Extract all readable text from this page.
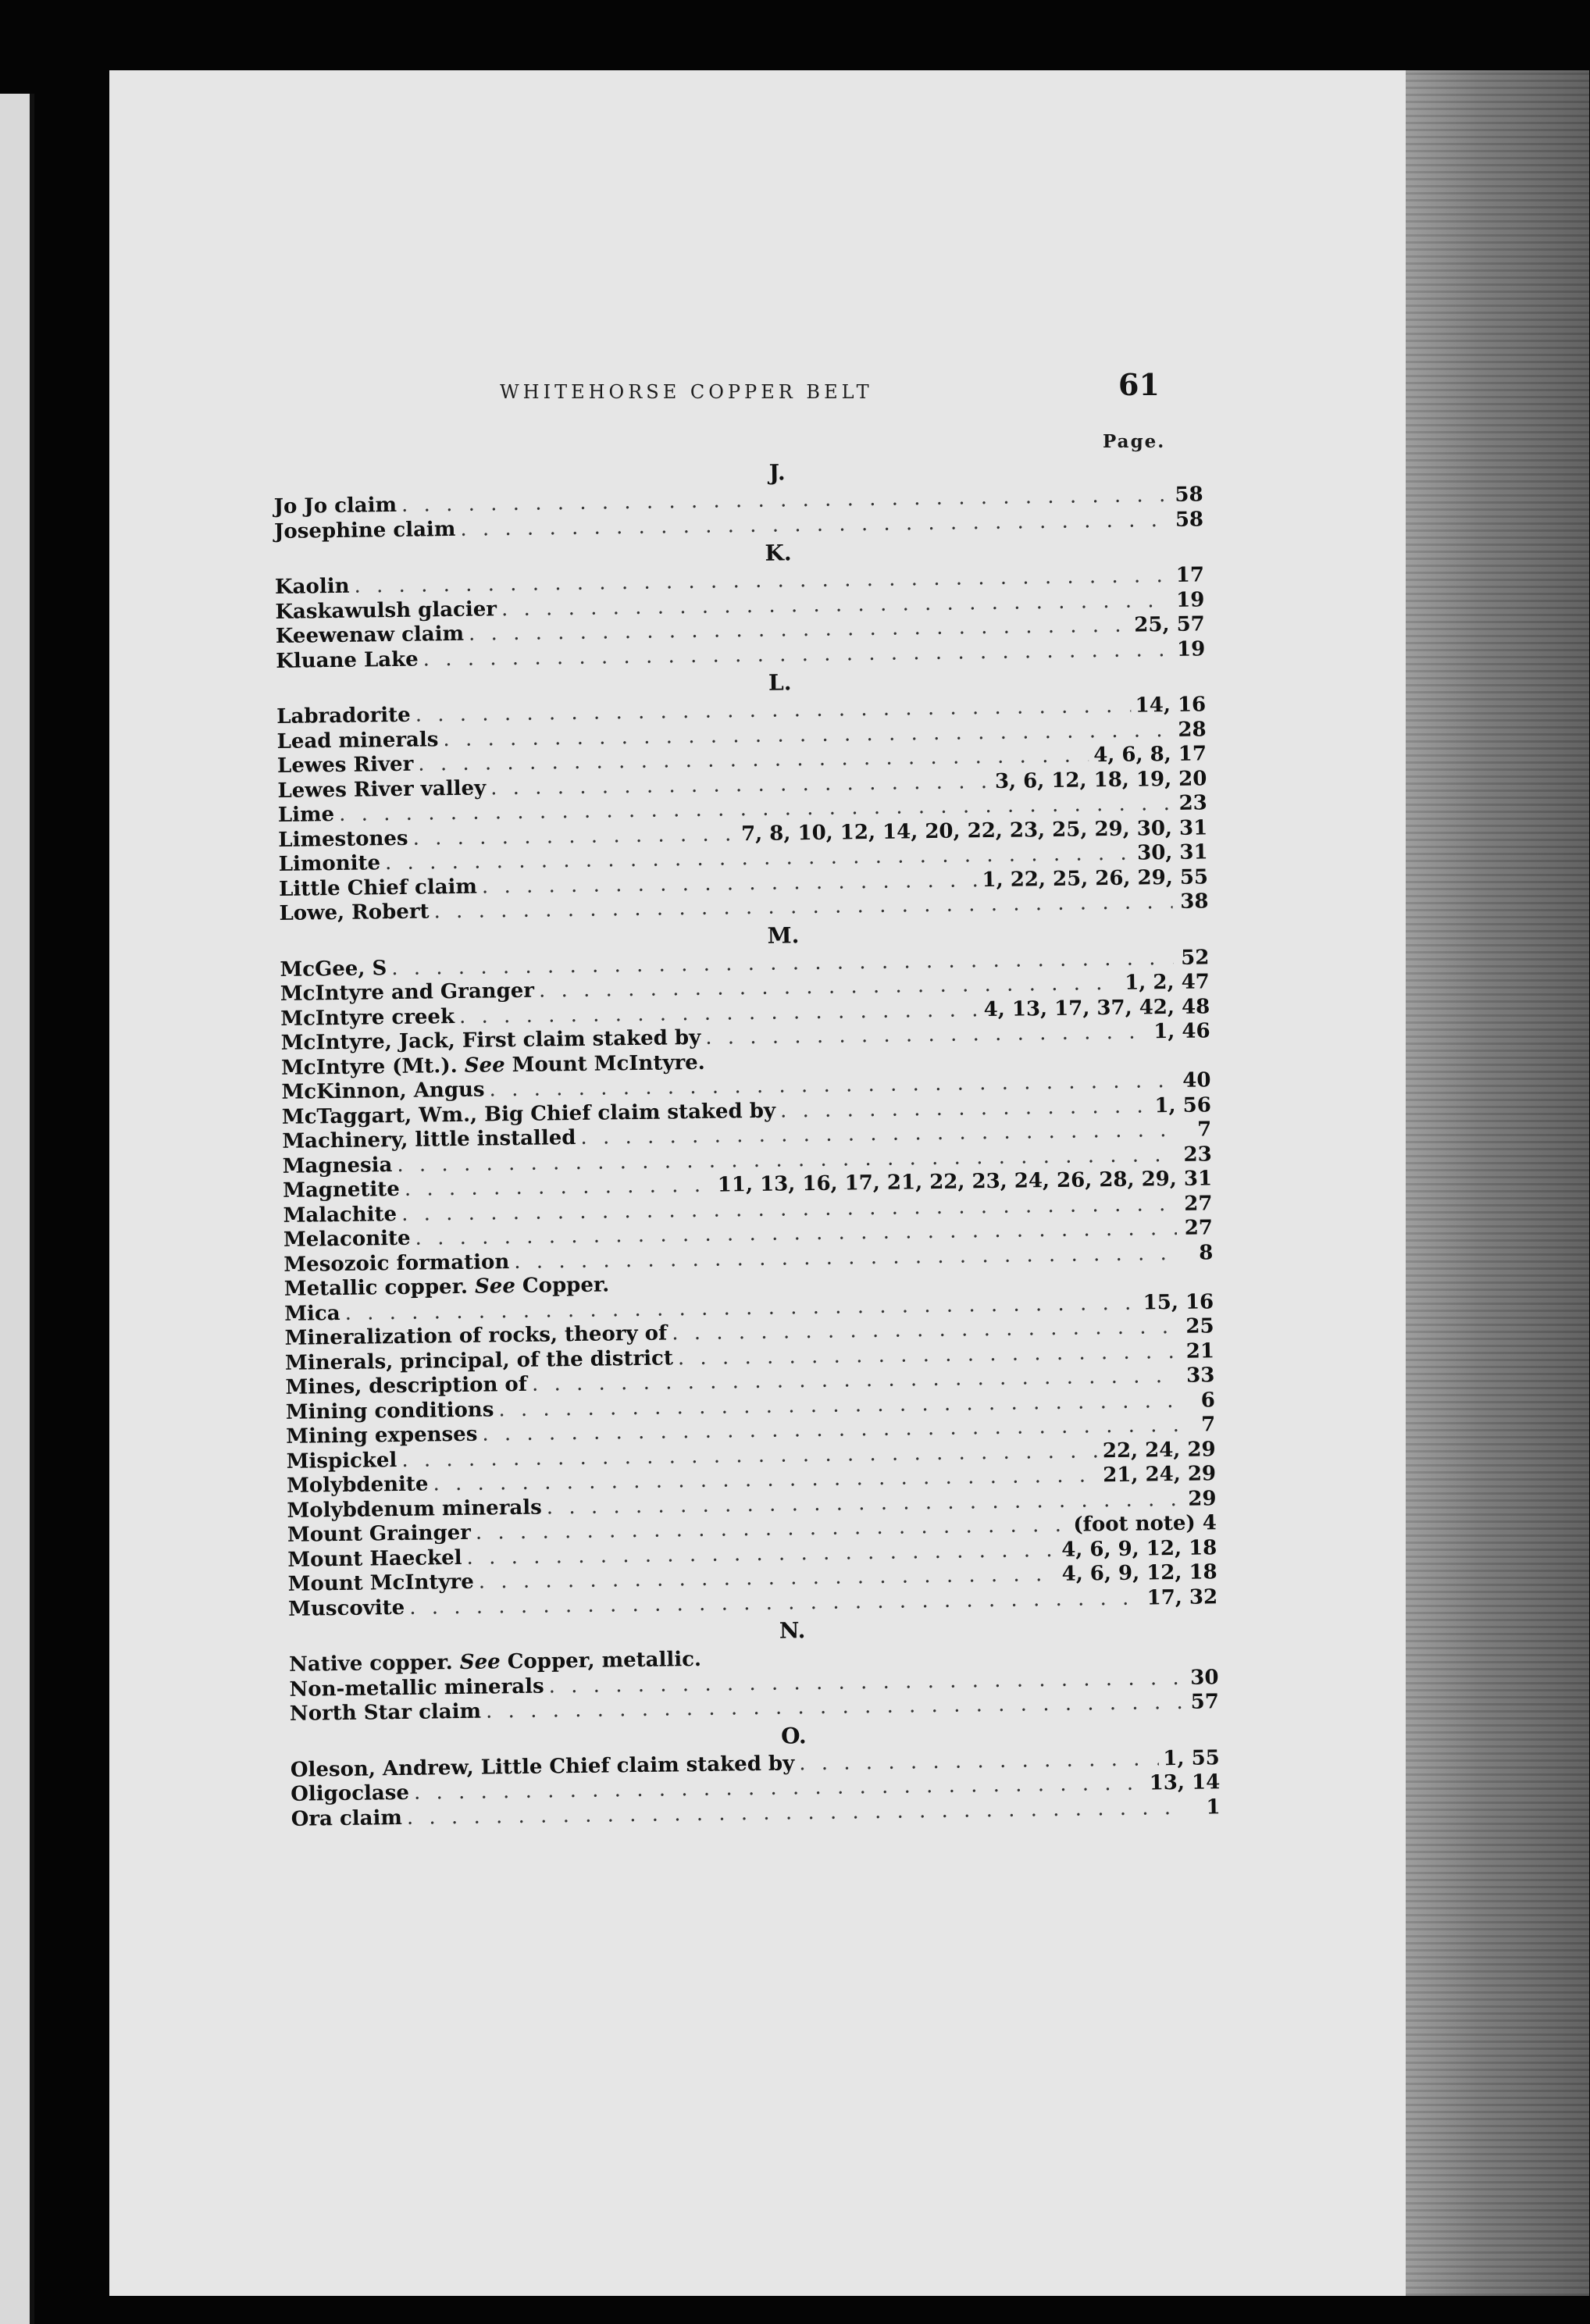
WHITEHORSE COPPER BELT	61
Page.
J.
Jo Jo claim . . .	58
Josephine claim . . .	58
K.
Kaolin . . .	17
Kaskawulsh glacier . . .	19
Keewenaw claim . . .	25, 57
Kluane Lake . . .	19
L.
Labradorite . . .	14, 16
Lead minerals . . .	28
Lewes River . . .	4, 6, 8, 17
Lewes River valley . . .	3, 6, 12, 18, 19, 20
Lime . . .	23
Limestones . . .	7, 8, 10, 12, 14, 20, 22, 23, 25, 29, 30, 31
Limonite . . .	30, 31
Little Chief claim . . .	1, 22, 25, 26, 29, 55
Lowe, Robert . . .	38
M.
McGee, S . . .	52
McIntyre and Granger . . .	1, 2, 47
McIntyre creek . . .	4, 13, 17, 37, 42, 48
McIntyre, Jack, First claim staked by . . .	1, 46
McIntyre (Mt.). See Mount McIntyre.
McKinnon, Angus . . .	40
McTaggart, Wm., Big Chief claim staked by . . .	1, 56
Machinery, little installed . . .	7
Magnesia . . .	23
Magnetite . . .	11, 13, 16, 17, 21, 22, 23, 24, 26, 28, 29, 31
Malachite . . .	27
Melaconite . . .	27
Mesozoic formation . . .	8
Metallic copper. See Copper.
Mica . . .	15, 16
Mineralization of rocks, theory of . . .	25
Minerals, principal, of the district . . .	21
Mines, description of . . .	33
Mining conditions . . .	6
Mining expenses . . .	7
Mispickel . . .	22, 24, 29
Molybdenite . . .	21, 24, 29
Molybdenum minerals . . .	29
Mount Grainger . . .	(foot note) 4
Mount Haeckel . . .	4, 6, 9, 12, 18
Mount McIntyre . . .	4, 6, 9, 12, 18
Muscovite . . .	17, 32
N.
Native copper. See Copper, metallic.
Non-metallic minerals . . .	30
North Star claim . . .	57
O.
Oleson, Andrew, Little Chief claim staked by . . .	1, 55
Oligoclase . . .	13, 14
Ora claim . . .	1
